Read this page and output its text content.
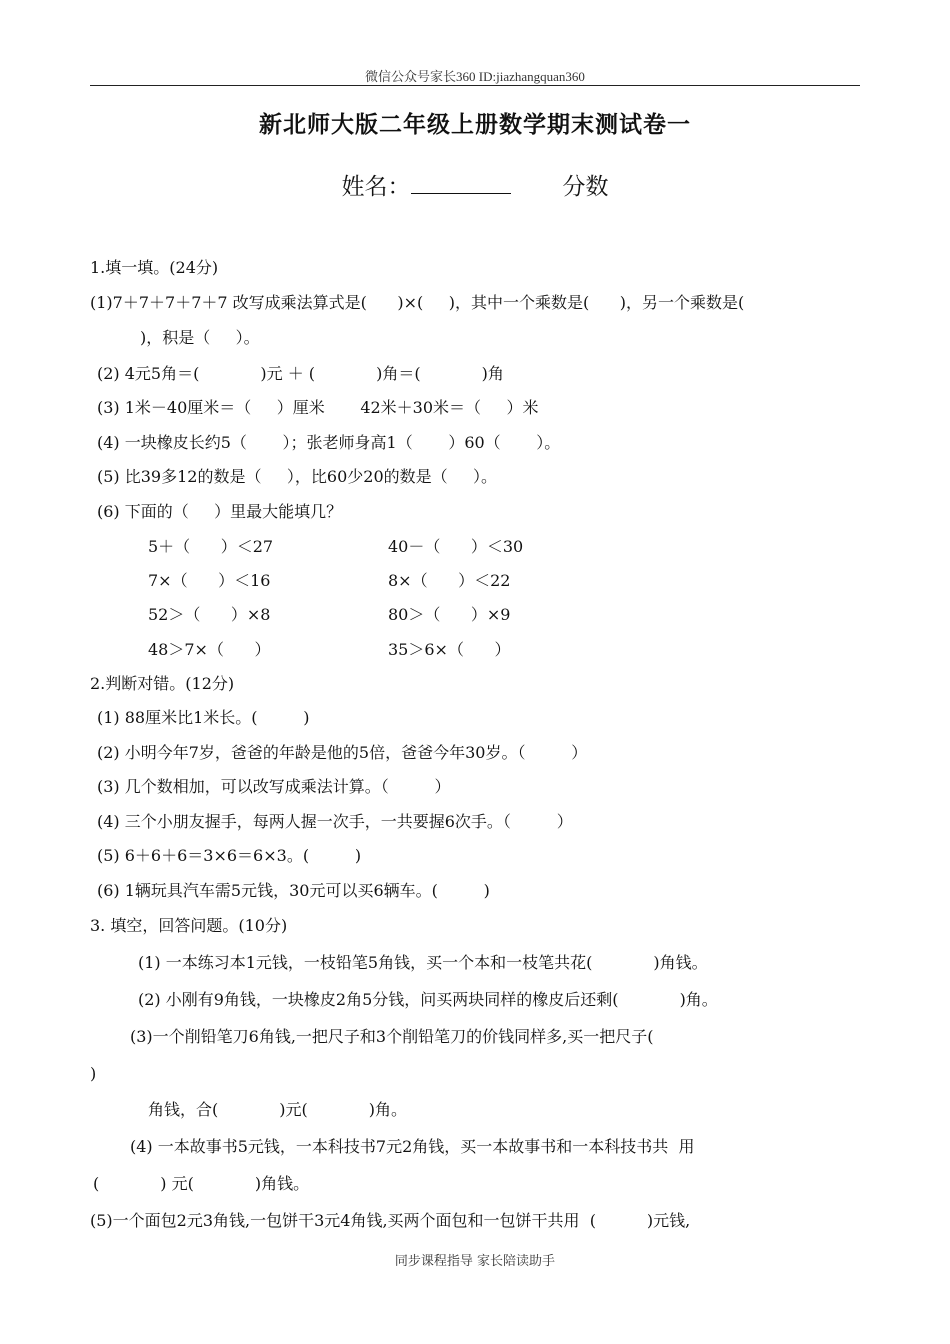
微信公众号家长360 ID:jiazhangquan360
新北师大版二年级上册数学期末测试卷一
姓名：	分数
1.填一填。(24分)
(1)7＋7＋7＋7＋7 改写成乘法算式是(      )×(     )，其中一个乘数是(      )，另一个乘数是(
)，积是（     ）。
(2) 4元5角＝(            )元 ＋ (            )角＝(            )角
(3) 1米－40厘米＝（     ）厘米       42米＋30米＝（     ）米
(4) 一块橡皮长约5（       ）；张老师身高1（       ）60（       ）。
(5) 比39多12的数是（     ），比60少20的数是（     ）。
(6) 下面的（     ）里最大能填几？
5＋（      ）＜27	40－（      ）＜30
7×（      ）＜16	8×（      ）＜22
52＞（      ）×8	80＞（      ）×9
48＞7×（      ）	35＞6×（      ）
2.判断对错。(12分)
(1) 88厘米比1米长。(         )
(2) 小明今年7岁，爸爸的年龄是他的5倍，爸爸今年30岁。（         ）
(3) 几个数相加，可以改写成乘法计算。（         ）
(4) 三个小朋友握手，每两人握一次手，一共要握6次手。（         ）
(5) 6＋6＋6＝3×6＝6×3。(         )
(6) 1辆玩具汽车需5元钱，30元可以买6辆车。(         )
3. 填空，回答问题。(10分)
(1) 一本练习本1元钱，一枝铅笔5角钱，买一个本和一枝笔共花(            )角钱。
(2) 小刚有9角钱，一块橡皮2角5分钱，问买两块同样的橡皮后还剩(            )角。
(3)一个削铅笔刀6角钱,一把尺子和3个削铅笔刀的价钱同样多,买一把尺子(
)
角钱，合(            )元(            )角。
(4) 一本故事书5元钱，一本科技书7元2角钱，买一本故事书和一本科技书共  用
(            ) 元(            )角钱。
(5)一个面包2元3角钱,一包饼干3元4角钱,买两个面包和一包饼干共用  (          )元钱,
同步课程指导 家长陪读助手
